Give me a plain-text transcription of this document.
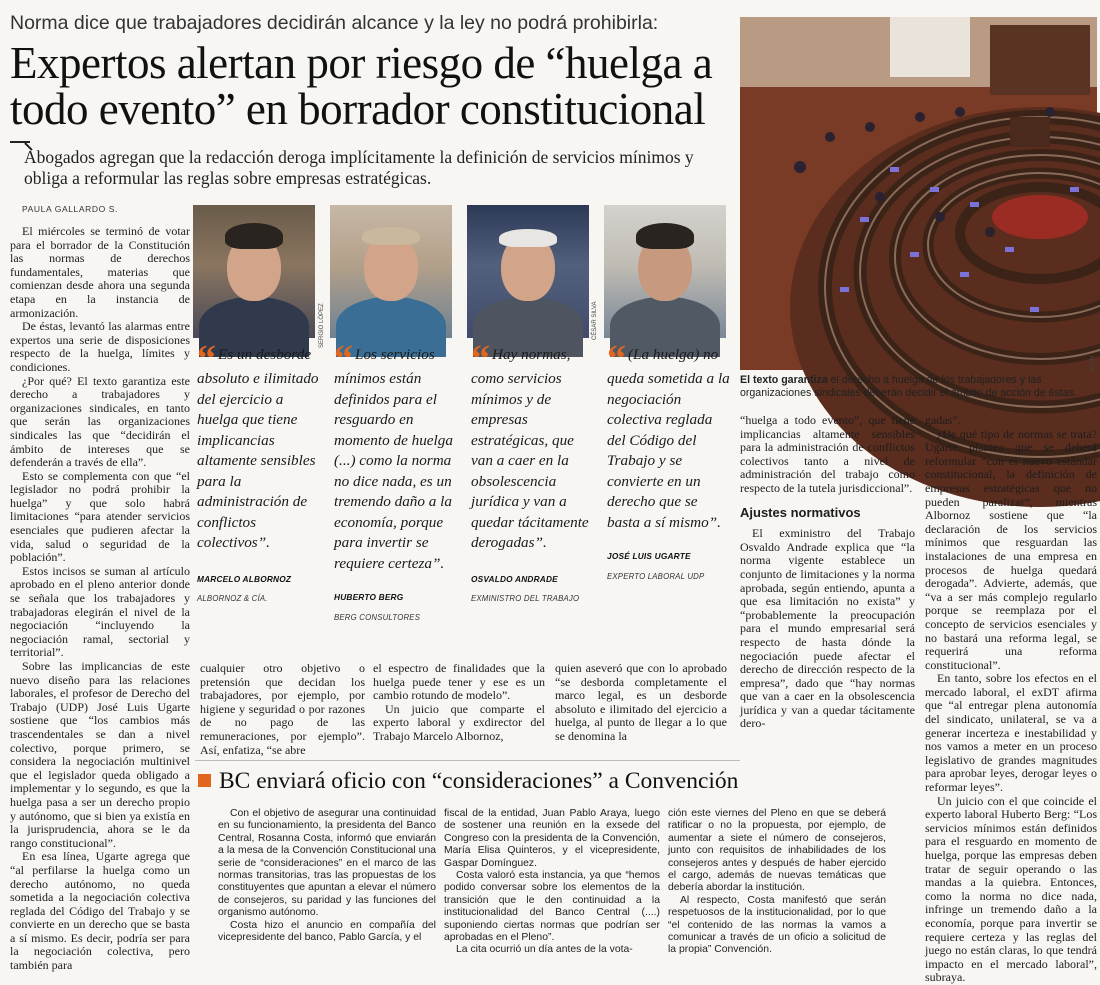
Norma dice que trabajadores decidirán alcance y la ley no podrá prohibirla:
Expertos alertan por riesgo de “huelga a
todo evento” en borrador constitucional
Abogados agregan que la redacción deroga implícitamente la definición de servicios mínimos y obliga a reformular las reglas sobre empresas estratégicas.
PAULA GALLARDO S.

El miércoles se terminó de votar para el borrador de la Constitución las normas de derechos fundamentales, materias que comienzan desde ahora una segunda etapa en la instancia de armonización.

De éstas, levantó las alarmas entre expertos una serie de disposiciones respecto de la huelga, límites y condiciones.

¿Por qué? El texto garantiza este derecho a trabajadores y organizaciones sindicales, en tanto que serán las organizaciones sindicales las que “decidirán el ámbito de intereses que se defenderán a través de ella”.

Esto se complementa con que “el legislador no podrá prohibir la huelga” y que solo habrá limitaciones “para atender servicios esenciales que pudieren afectar la vida, salud o seguridad de la población”.

Estos incisos se suman al artículo aprobado en el pleno anterior donde se señala que los trabajadores y trabajadoras elegirán el nivel de la negociación “incluyendo la negociación ramal, sectorial y territorial”.

Sobre las implicancias de este nuevo diseño para las relaciones laborales, el profesor de Derecho del Trabajo (UDP) José Luis Ugarte sostiene que “los cambios más trascendentales se dan a nivel colectivo, porque primero, se considera la negociación multinivel que el legislador queda obligado a implementar y lo segundo, es que la huelga pasa a ser un derecho propio y autónomo, que si bien ya existía en la jurisprudencia, ahora se le da rango constitucional”.

En esa línea, Ugarte agrega que “al perfilarse la huelga como un derecho autónomo, no queda sometida a la negociación colectiva reglada del Código del Trabajo y se convierte en un derecho que se basta a sí mismo. Es decir, podría ser para la negociación colectiva, pero también para

SERGIO LÓPEZ	CÉSAR SILVA
“ Es un desborde absoluto e ilimitado del ejercicio a huelga que tiene implicancias altamente sensibles para la administración de conflictos colectivos”.
MARCELO ALBORNOZ
ALBORNOZ & CÍA.
“ Los servicios mínimos están definidos para el resguardo en momento de huelga (...) como la norma no dice nada, es un tremendo daño a la economía, porque para invertir se requiere certeza”.
HUBERTO BERG
BERG CONSULTORES
“ Hay normas, como servicios mínimos y de empresas estratégicas, que van a caer en la obsolescencia jurídica y van a quedar tácitamente derogadas”.
OSVALDO ANDRADE
EXMINISTRO DEL TRABAJO
“ (La huelga) no queda sometida a la negociación colectiva reglada del Código del Trabajo y se convierte en un derecho que se basta a sí mismo”.
JOSÉ LUIS UGARTE
EXPERTO LABORAL UDP

cualquier otro objetivo o pretensión que decidan los trabajadores, por ejemplo, por higiene y seguridad o por razones de no pago de las remuneraciones, por ejemplo”. Así, enfatiza, “se abre

el espectro de finalidades que la huelga puede tener y ese es un cambio rotundo de modelo”.

Un juicio que comparte el experto laboral y exdirector del Trabajo Marcelo Albornoz,

quien aseveró que con lo aprobado “se desborda completamente el marco legal, es un desborde absoluto e ilimitado del ejercicio a huelga, al punto de llegar a lo que se denomina la

ATON
El texto garantiza el derecho a huelga de los trabajadores y las organizaciones sindicales deberán decidir el ámbito de acción de éstas.

“huelga a todo evento”, que tiene implicancias altamente sensibles para la administración de conflictos colectivos tanto a nivel de administración del trabajo como respecto de la tutela jurisdiccional”.

Ajustes normativos

El exministro del Trabajo Osvaldo Andrade explica que “la norma vigente establece un conjunto de limitaciones y la norma aprobada, según entiendo, apunta a que esa limitación no exista” y “probablemente la preocupación para el mundo empresarial será respecto de hasta dónde la negociación puede afectar el derecho de dirección respecto de la empresa”, dado que “hay normas que van a caer en la obsolescencia jurídica y van a quedar tácitamente dero-

gadas”.

¿De qué tipo de normas se trata? Ugarte plantea que se deberá reformular “con el nuevo estándar constitucional, la definición de empresas estratégicas que no pueden paralizar”, mientras Albornoz sostiene que “la declaración de los servicios mínimos que resguardan las instalaciones de una empresa en procesos de huelga quedará derogada”. Advierte, además, que “va a ser más complejo regularlo porque se reemplaza por el concepto de servicios esenciales y no bastará una reforma legal, se requerirá una reforma constitucional”.

En tanto, sobre los efectos en el mercado laboral, el exDT afirma que “al entregar plena autonomía del sindicato, unilateral, se va a generar incerteza e inestabilidad y nos vamos a meter en un proceso legislativo de grandes magnitudes para aprobar leyes, derogar leyes o reformar leyes”.

Un juicio con el que coincide el experto laboral Huberto Berg: “Los servicios mínimos están definidos para el resguardo en momento de huelga, porque las empresas deben tratar de seguir operando o las mandas a la quiebra. Entonces, como la norma no dice nada, infringe un tremendo daño a la economía, porque para invertir se requiere certeza y las reglas del juego no están claras, lo que tendrá impacto en el mercado laboral”, subraya.

BC enviará oficio con “consideraciones” a Convención

Con el objetivo de asegurar una continuidad en su funcionamiento, la presidenta del Banco Central, Rosanna Costa, informó que enviarán a la mesa de la Convención Constitucional una serie de “consideraciones” en el marco de las normas transitorias, tras las propuestas de los constituyentes que apuntan a elevar el número de consejeros, su paridad y las funciones del organismo autónomo.

Costa hizo el anuncio en compañía del vicepresidente del banco, Pablo García, y el

fiscal de la entidad, Juan Pablo Araya, luego de sostener una reunión en la exsede del Congreso con la presidenta de la Convención, María Elisa Quinteros, y el vicepresidente, Gaspar Domínguez.

Costa valoró esta instancia, ya que “hemos podido conversar sobre los elementos de la transición que le den continuidad a la institucionalidad del Banco Central (....) suponiendo ciertas normas que podrían ser aprobadas en el Pleno”.

La cita ocurrió un día antes de la vota-

ción este viernes del Pleno en que se deberá ratificar o no la propuesta, por ejemplo, de aumentar a siete el número de consejeros, junto con requisitos de inhabilidades de los consejeros antes y después de haber ejercido el cargo, además de nuevas temáticas que debería abordar la institución.

Al respecto, Costa manifestó que serán respetuosos de la institucionalidad, por lo que “el contenido de las normas la vamos a comunicar a través de un oficio a solicitud de la propia” Convención.
